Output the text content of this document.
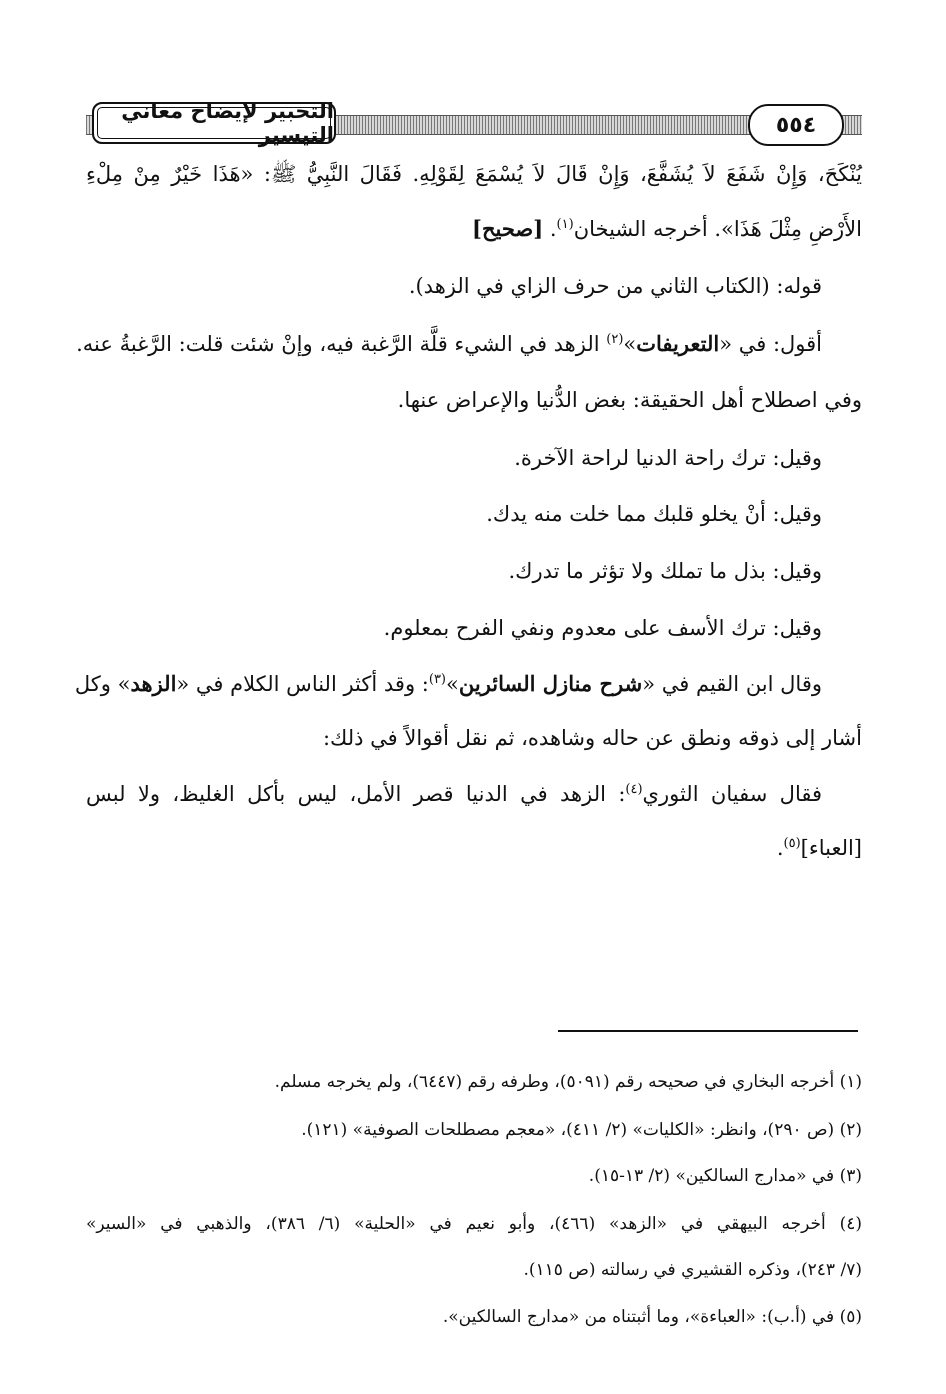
التحبير لإيضاح معاني التيسير	٥٥٤
يُنْكَحَ، وَإِنْ شَفَعَ لاَ يُشَفَّعَ، وَإِنْ قَالَ لاَ يُسْمَعَ لِقَوْلِهِ. فَقَالَ النَّبِيُّ ﷺ: «هَذَا خَيْرٌ مِنْ مِلْءِ
الأَرْضِ مِثْلَ هَذَا». أخرجه الشيخان$^{(١)}$. [صحيح]
قوله: (الكتاب الثاني من حرف الزاي في الزهد).
أقول: في «التعريفات»$^{(٢)}$ الزهد في الشيء قلَّة الرَّغبة فيه، وإنْ شئت قلت: الرَّغبةُ عنه.
وفي اصطلاح أهل الحقيقة: بغض الدُّنيا والإعراض عنها.
وقيل: ترك راحة الدنيا لراحة الآخرة.
وقيل: أنْ يخلو قلبك مما خلت منه يدك.
وقيل: بذل ما تملك ولا تؤثر ما تدرك.
وقيل: ترك الأسف على معدوم ونفي الفرح بمعلوم.
وقال ابن القيم في «شرح منازل السائرين»$^{(٣)}$: وقد أكثر الناس الكلام في «الزهد» وكل
أشار إلى ذوقه ونطق عن حاله وشاهده، ثم نقل أقوالاً في ذلك:
فقال سفيان الثوري$^{(٤)}$: الزهد في الدنيا قصر الأمل، ليس بأكل الغليظ، ولا لبس
[العباء]$^{(٥)}$.
(١) أخرجه البخاري في صحيحه رقم (٥٠٩١)، وطرفه رقم (٦٤٤٧)، ولم يخرجه مسلم.
(٢) (ص ٢٩٠)، وانظر: «الكليات» (٢/ ٤١١)، «معجم مصطلحات الصوفية» (١٢١).
(٣) في «مدارج السالكين» (٢/ ١٣-١٥).
(٤) أخرجه البيهقي في «الزهد» (٤٦٦)، وأبو نعيم في «الحلية» (٦/ ٣٨٦)، والذهبي في «السير»
(٧/ ٢٤٣)، وذكره القشيري في رسالته (ص ١١٥).
(٥) في (أ.ب): «العباءة»، وما أثبتناه من «مدارج السالكين».
